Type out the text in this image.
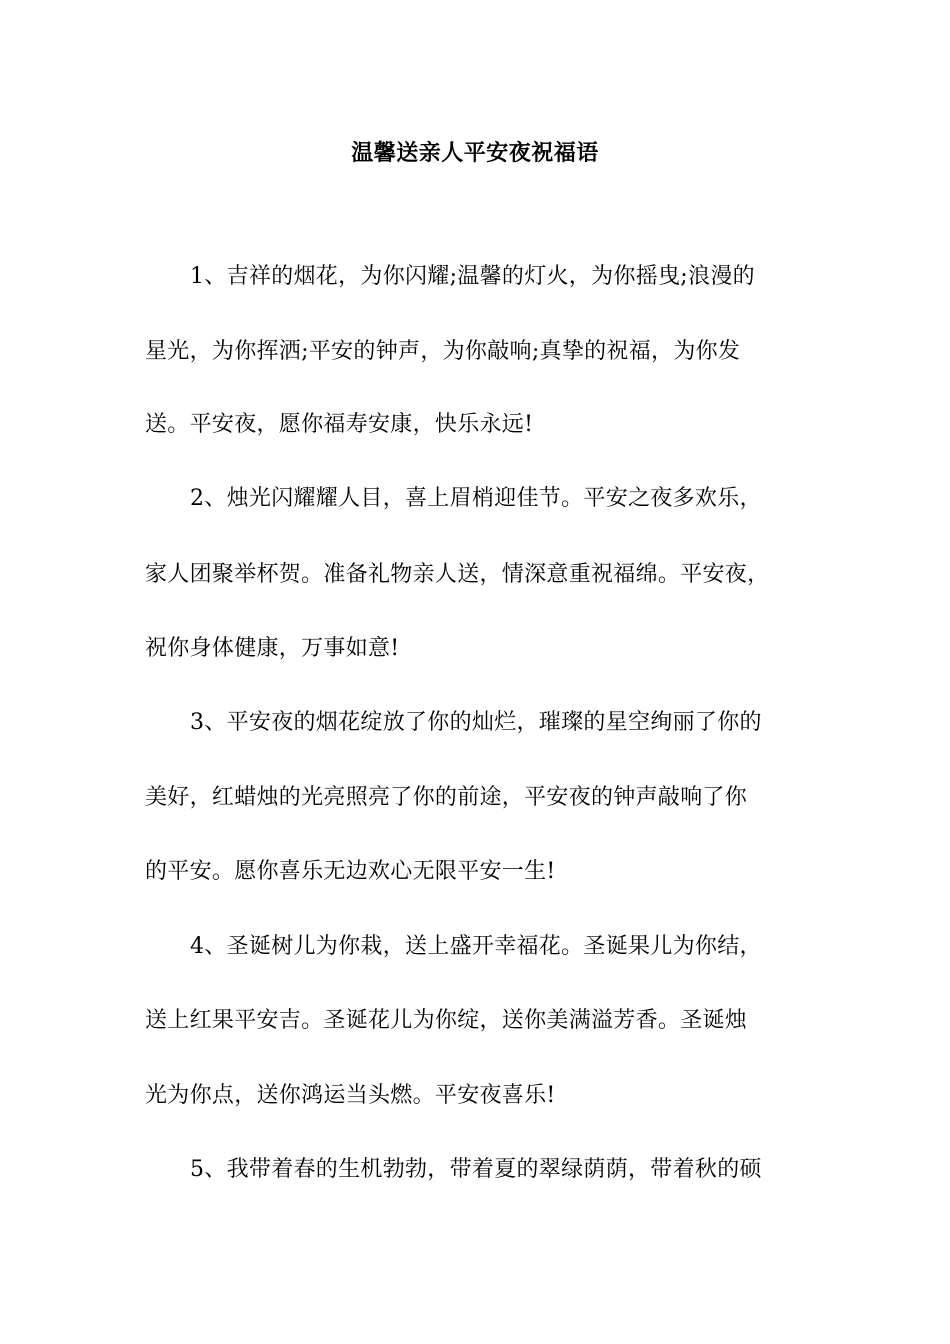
温馨送亲人平安夜祝福语
1、吉祥的烟花，为你闪耀;温馨的灯火，为你摇曳;浪漫的
星光，为你挥洒;平安的钟声，为你敲响;真挚的祝福，为你发
送。平安夜，愿你福寿安康，快乐永远!
2、烛光闪耀耀人目，喜上眉梢迎佳节。平安之夜多欢乐，
家人团聚举杯贺。准备礼物亲人送，情深意重祝福绵。平安夜，
祝你身体健康，万事如意!
3、平安夜的烟花绽放了你的灿烂，璀璨的星空绚丽了你的
美好，红蜡烛的光亮照亮了你的前途，平安夜的钟声敲响了你
的平安。愿你喜乐无边欢心无限平安一生!
4、圣诞树儿为你栽，送上盛开幸福花。圣诞果儿为你结，
送上红果平安吉。圣诞花儿为你绽，送你美满溢芳香。圣诞烛
光为你点，送你鸿运当头燃。平安夜喜乐!
5、我带着春的生机勃勃，带着夏的翠绿荫荫，带着秋的硕
